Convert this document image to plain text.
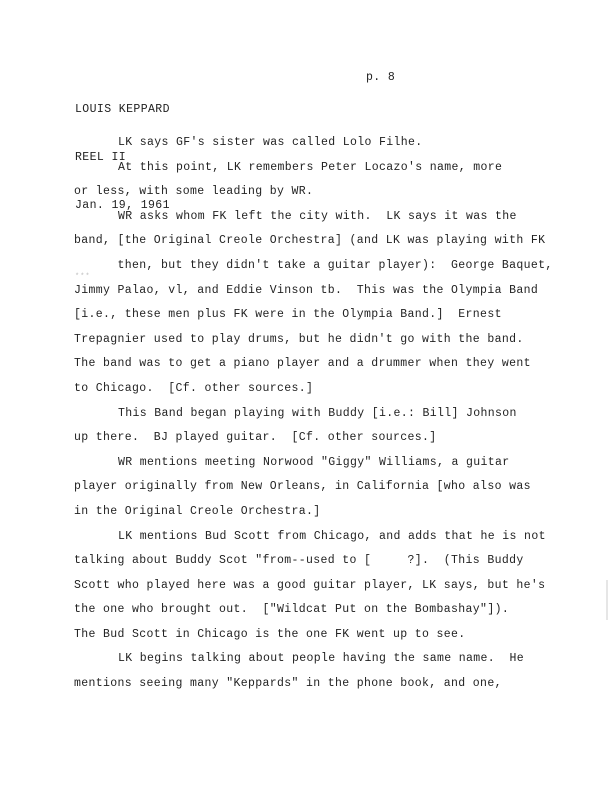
LOUIS KEPPARD

REEL II

Jan. 19, 1961

p. 8
***
LK says GF's sister was called Lolo Filhe.
At this point, LK remembers Peter Locazo's name, more
or less, with some leading by WR.
WR asks whom FK left the city with.  LK says it was the
band, [the Original Creole Orchestra] (and LK was playing with FK
then, but they didn't take a guitar player):  George Baquet,
Jimmy Palao, vl, and Eddie Vinson tb.  This was the Olympia Band
[i.e., these men plus FK were in the Olympia Band.]  Ernest
Trepagnier used to play drums, but he didn't go with the band.
The band was to get a piano player and a drummer when they went
to Chicago.  [Cf. other sources.]
This Band began playing with Buddy [i.e.: Bill] Johnson
up there.  BJ played guitar.  [Cf. other sources.]
WR mentions meeting Norwood "Giggy" Williams, a guitar
player originally from New Orleans, in California [who also was
in the Original Creole Orchestra.]
LK mentions Bud Scott from Chicago, and adds that he is not
talking about Buddy Scot "from--used to [     ?].  (This Buddy
Scott who played here was a good guitar player, LK says, but he's
the one who brought out.  ["Wildcat Put on the Bombashay"]).
The Bud Scott in Chicago is the one FK went up to see.
LK begins talking about people having the same name.  He
mentions seeing many "Keppards" in the phone book, and one,
